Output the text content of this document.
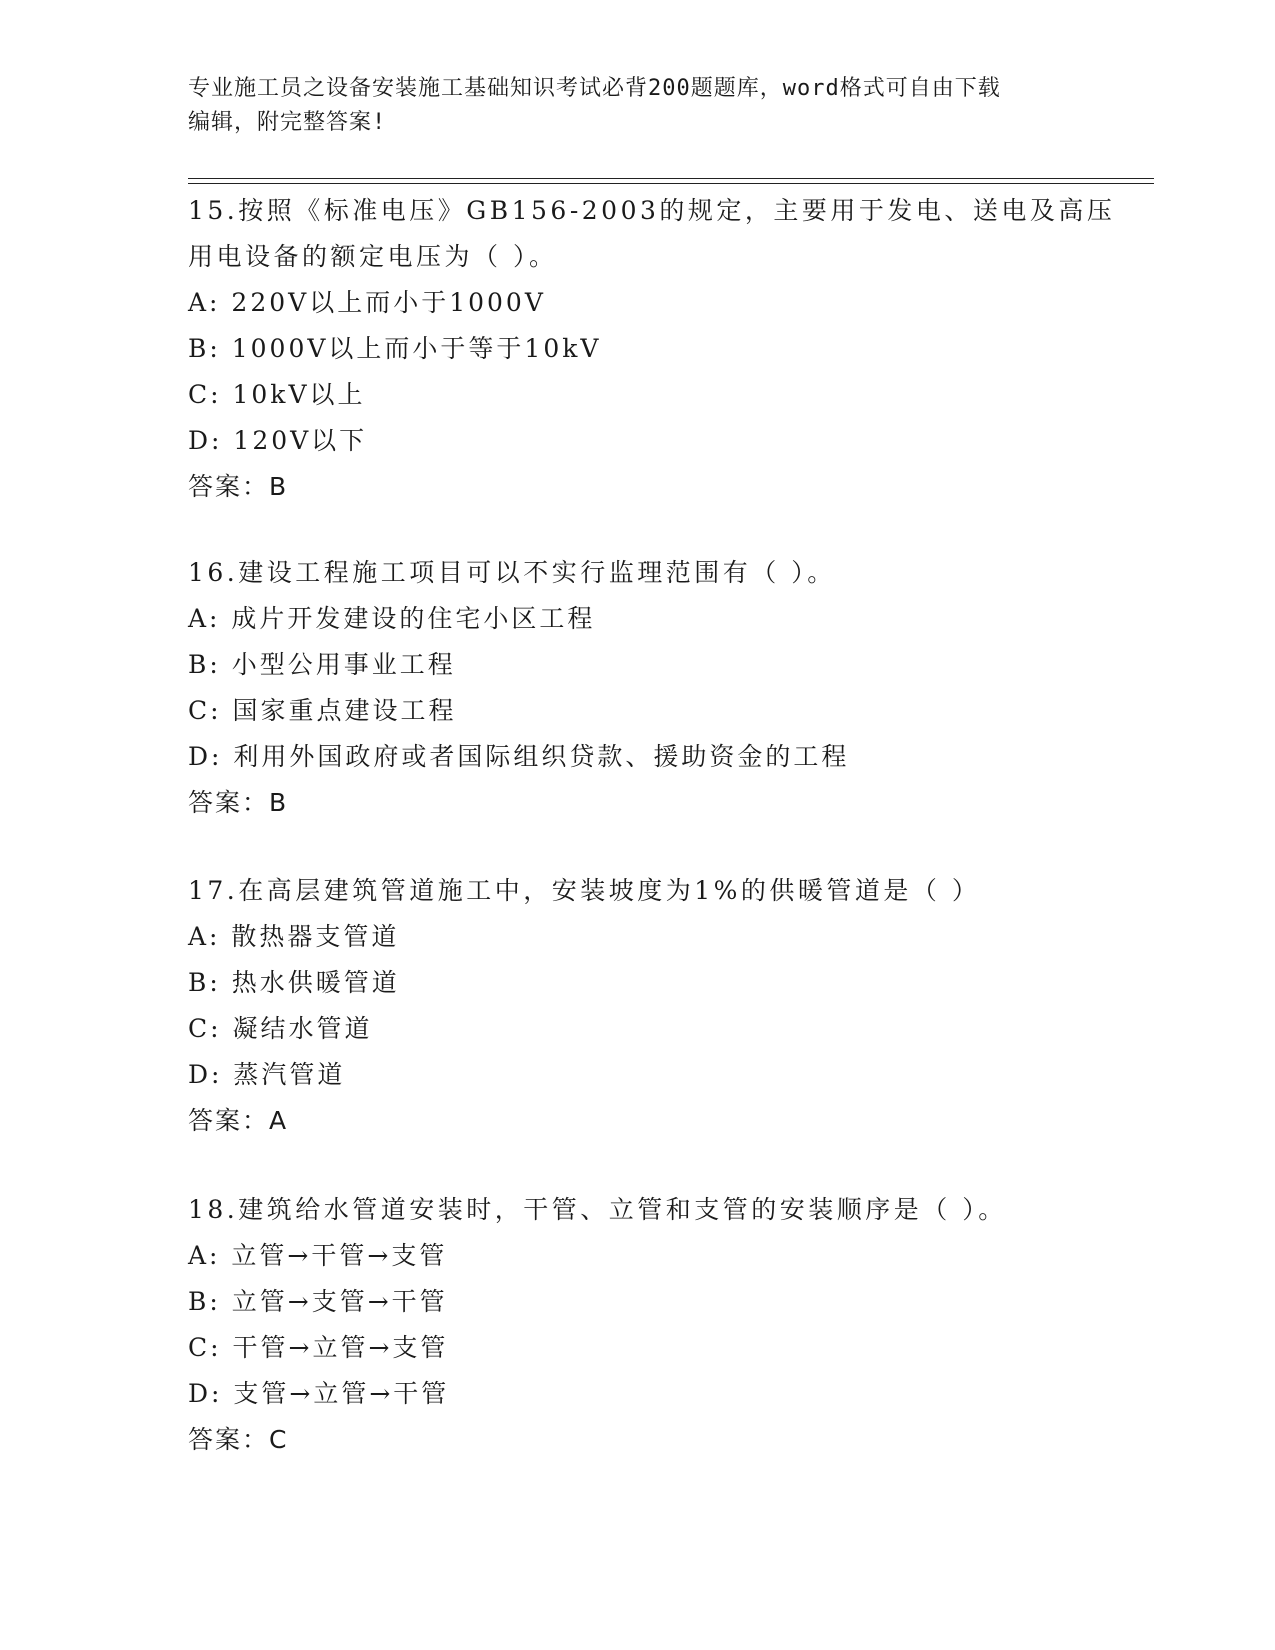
专业施工员之设备安装施工基础知识考试必背200题题库，word格式可自由下载
编辑，附完整答案!
15.按照《标准电压》GB156-2003的规定，主要用于发电、送电及高压
用电设备的额定电压为（ ）。
A: 220V以上而小于1000V
B: 1000V以上而小于等于10kV
C: 10kV以上
D: 120V以下
答案：B
16.建设工程施工项目可以不实行监理范围有（ ）。
A: 成片开发建设的住宅小区工程
B: 小型公用事业工程
C: 国家重点建设工程
D: 利用外国政府或者国际组织贷款、援助资金的工程
答案：B
17.在高层建筑管道施工中，安装坡度为1%的供暖管道是（ ）
A: 散热器支管道
B: 热水供暖管道
C: 凝结水管道
D: 蒸汽管道
答案：A
18.建筑给水管道安装时，干管、立管和支管的安装顺序是（ ）。
A: 立管→干管→支管
B: 立管→支管→干管
C: 干管→立管→支管
D: 支管→立管→干管
答案：C
